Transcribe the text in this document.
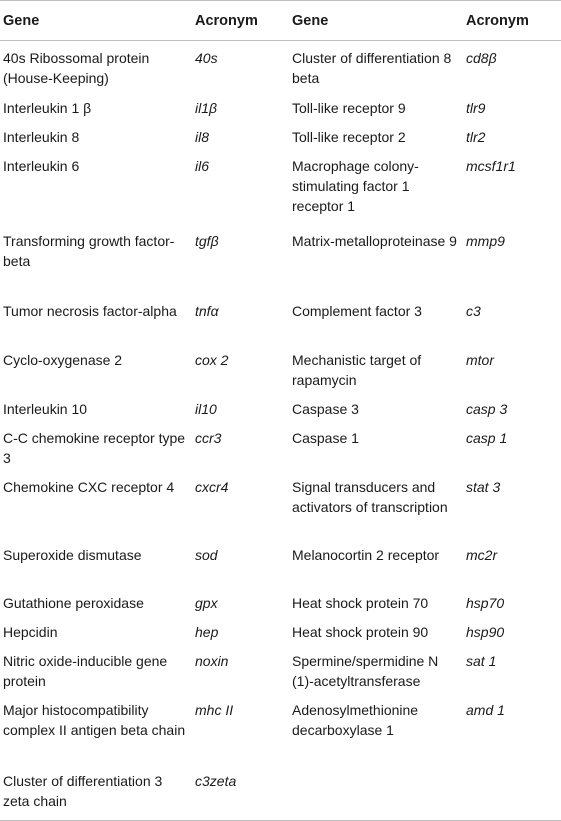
Gene	Acronym	Gene	Acronym
40s Ribossomal protein (House-Keeping)	40s	Cluster of differentiation 8 beta	cd8β
Interleukin 1 β	il1β	Toll-like receptor 9	tlr9
Interleukin 8	il8	Toll-like receptor 2	tlr2
Interleukin 6	il6	Macrophage colony-stimulating factor 1 receptor 1	mcsf1r1
Transforming growth factor-beta	tgfβ	Matrix-metalloproteinase 9	mmp9
Tumor necrosis factor-alpha	tnfα	Complement factor 3	c3
Cyclo-oxygenase 2	cox 2	Mechanistic target of rapamycin	mtor
Interleukin 10	il10	Caspase 3	casp 3
C-C chemokine receptor type 3	ccr3	Caspase 1	casp 1
Chemokine CXC receptor 4	cxcr4	Signal transducers and activators of transcription	stat 3
Superoxide dismutase	sod	Melanocortin 2 receptor	mc2r
Gutathione peroxidase	gpx	Heat shock protein 70	hsp70
Hepcidin	hep	Heat shock protein 90	hsp90
Nitric oxide-inducible gene protein	noxin	Spermine/spermidine N (1)-acetyltransferase	sat 1
Major histocompatibility complex II antigen beta chain	mhc II	Adenosylmethionine decarboxylase 1	amd 1
Cluster of differentiation 3 zeta chain	c3zeta		
